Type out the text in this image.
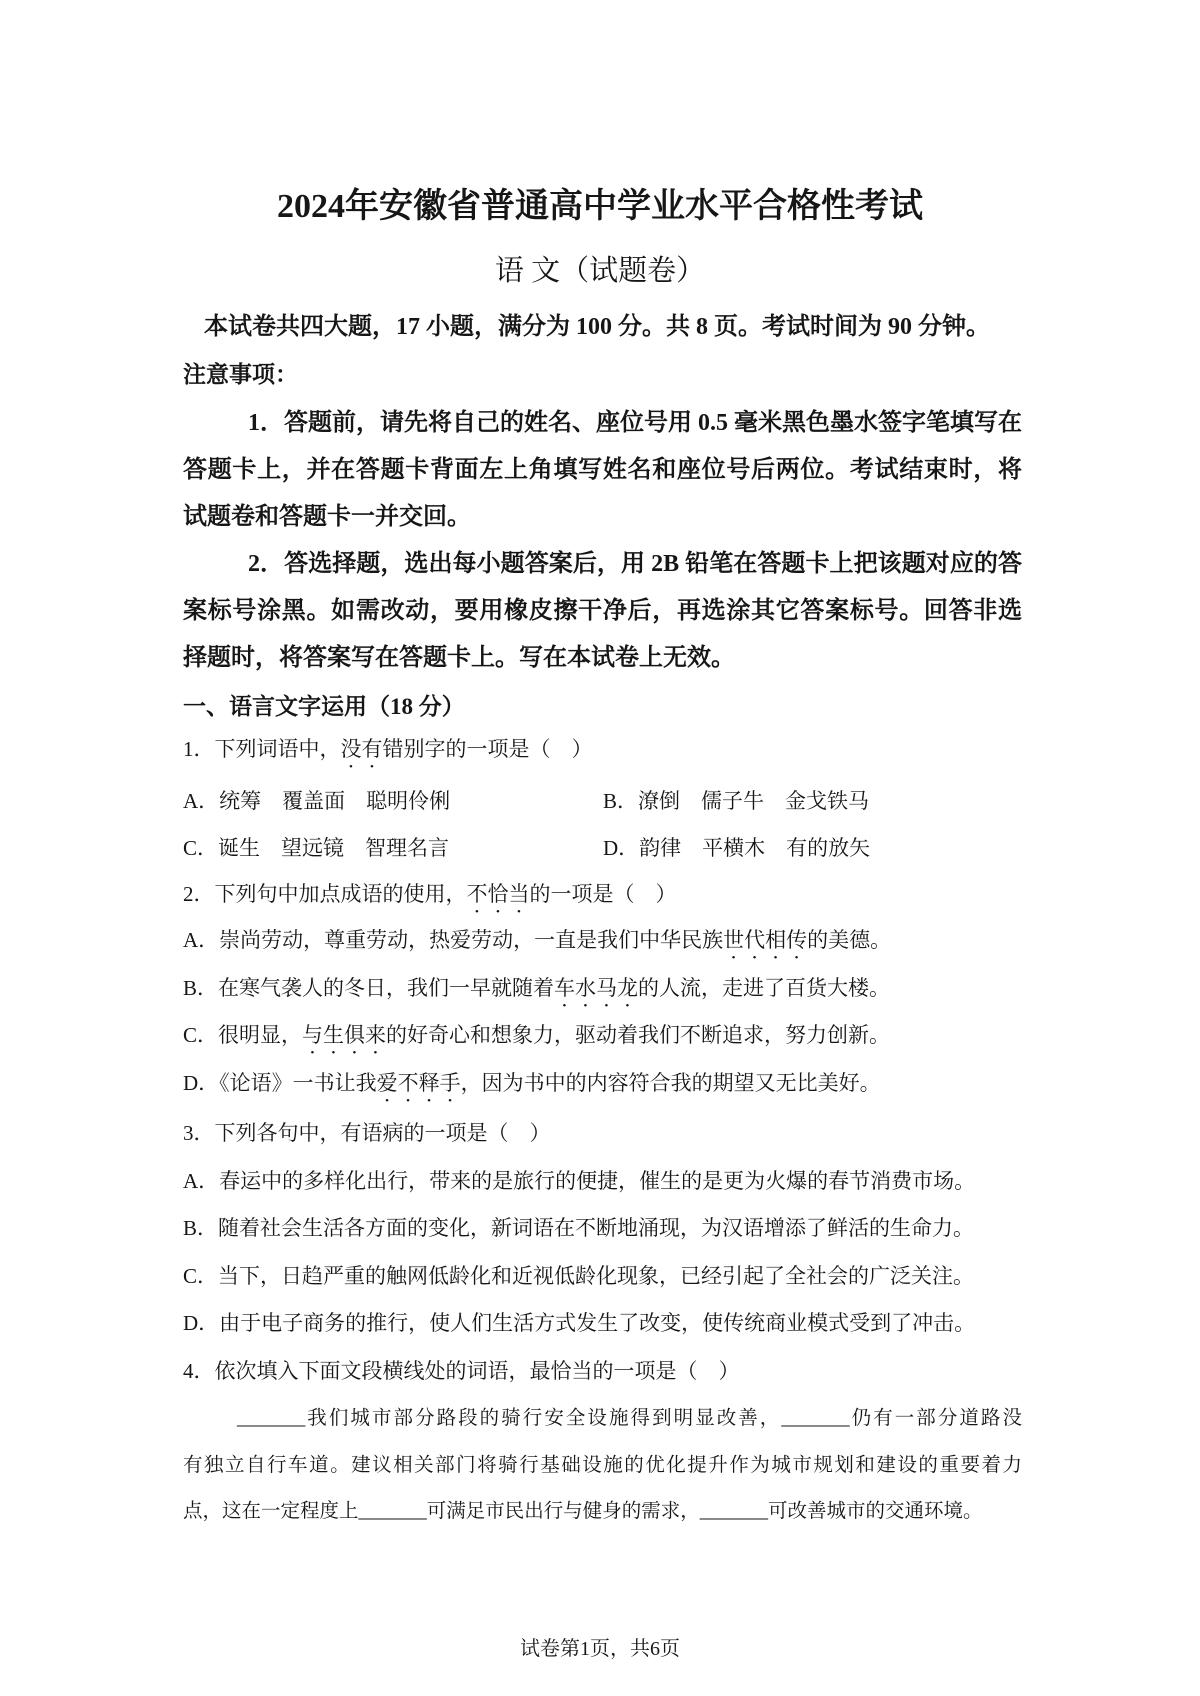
2024年安徽省普通高中学业水平合格性考试
语 文（试题卷）
本试卷共四大题，17 小题，满分为 100 分。共 8 页。考试时间为 90 分钟。
注意事项：
1．答题前，请先将自己的姓名、座位号用 0.5 毫米黑色墨水签字笔填写在
答题卡上，并在答题卡背面左上角填写姓名和座位号后两位。考试结束时，将
试题卷和答题卡一并交回。
2．答选择题，选出每小题答案后，用 2B 铅笔在答题卡上把该题对应的答
案标号涂黑。如需改动，要用橡皮擦干净后，再选涂其它答案标号。回答非选
择题时，将答案写在答题卡上。写在本试卷上无效。
一、语言文字运用（18 分）
1．下列词语中，没有错别字的一项是（　）
A．统筹　覆盖面　聪明伶俐	B．潦倒　儒子牛　金戈铁马
C．诞生　望远镜　智理名言	D．韵律　平横木　有的放矢
2．下列句中加点成语的使用，不恰当的一项是（　）
A．崇尚劳动，尊重劳动，热爱劳动，一直是我们中华民族世代相传的美德。
B．在寒气袭人的冬日，我们一早就随着车水马龙的人流，走进了百货大楼。
C．很明显，与生俱来的好奇心和想象力，驱动着我们不断追求，努力创新。
D．《论语》一书让我爱不释手，因为书中的内容符合我的期望又无比美好。
3．下列各句中，有语病的一项是（　）
A．春运中的多样化出行，带来的是旅行的便捷，催生的是更为火爆的春节消费市场。
B．随着社会生活各方面的变化，新词语在不断地涌现，为汉语增添了鲜活的生命力。
C．当下，日趋严重的触网低龄化和近视低龄化现象，已经引起了全社会的广泛关注。
D．由于电子商务的推行，使人们生活方式发生了改变，使传统商业模式受到了冲击。
4．依次填入下面文段横线处的词语，最恰当的一项是（　）
_______我们城市部分路段的骑行安全设施得到明显改善，_______仍有一部分道路没
有独立自行车道。建议相关部门将骑行基础设施的优化提升作为城市规划和建设的重要着力
点，这在一定程度上_______可满足市民出行与健身的需求，_______可改善城市的交通环境。
试卷第1页，共6页
